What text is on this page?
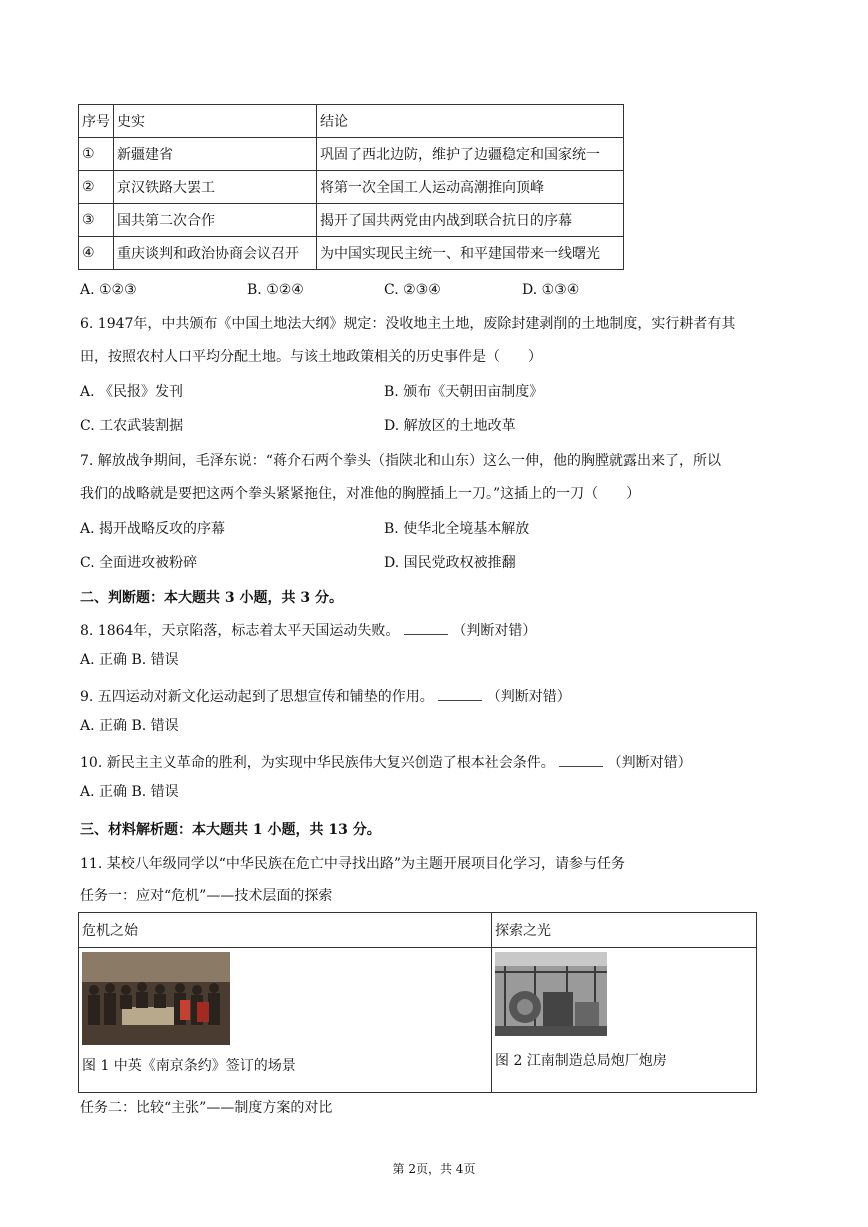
序号	史实	结论
①	新疆建省	巩固了西北边防，维护了边疆稳定和国家统一
②	京汉铁路大罢工	将第一次全国工人运动高潮推向顶峰
③	国共第二次合作	揭开了国共两党由内战到联合抗日的序幕
④	重庆谈判和政治协商会议召开	为中国实现民主统一、和平建国带来一线曙光
A. ①②③	B. ①②④	C. ②③④	D. ①③④
6. 1947年，中共颁布《中国土地法大纲》规定：没收地主土地，废除封建剥削的土地制度，实行耕者有其
田，按照农村人口平均分配土地。与该土地政策相关的历史事件是（　　）
A. 《民报》发刊	B. 颁布《天朝田亩制度》
C. 工农武装割据	D. 解放区的土地改革
7. 解放战争期间，毛泽东说：“蒋介石两个拳头（指陕北和山东）这么一伸，他的胸膛就露出来了，所以
我们的战略就是要把这两个拳头紧紧拖住，对准他的胸膛插上一刀。”这插上的一刀（　　）
A. 揭开战略反攻的序幕	B. 使华北全境基本解放
C. 全面进攻被粉碎	D. 国民党政权被推翻
二、判断题：本大题共 3 小题，共 3 分。
8. 1864年，天京陷落，标志着太平天国运动失败。	（判断对错）
A. 正确 B. 错误
9. 五四运动对新文化运动起到了思想宣传和铺垫的作用。	（判断对错）
A. 正确 B. 错误
10. 新民主主义革命的胜利，为实现中华民族伟大复兴创造了根本社会条件。	（判断对错）
A. 正确 B. 错误
三、材料解析题：本大题共 1 小题，共 13 分。
11. 某校八年级同学以“中华民族在危亡中寻找出路”为主题开展项目化学习，请参与任务
任务一：应对“危机”——技术层面的探索
危机之始	探索之光

图 1 中英《南京条约》签订的场景	图 2 江南制造总局炮厂炮房
任务二：比较“主张”——制度方案的对比
第 2页，共 4页
